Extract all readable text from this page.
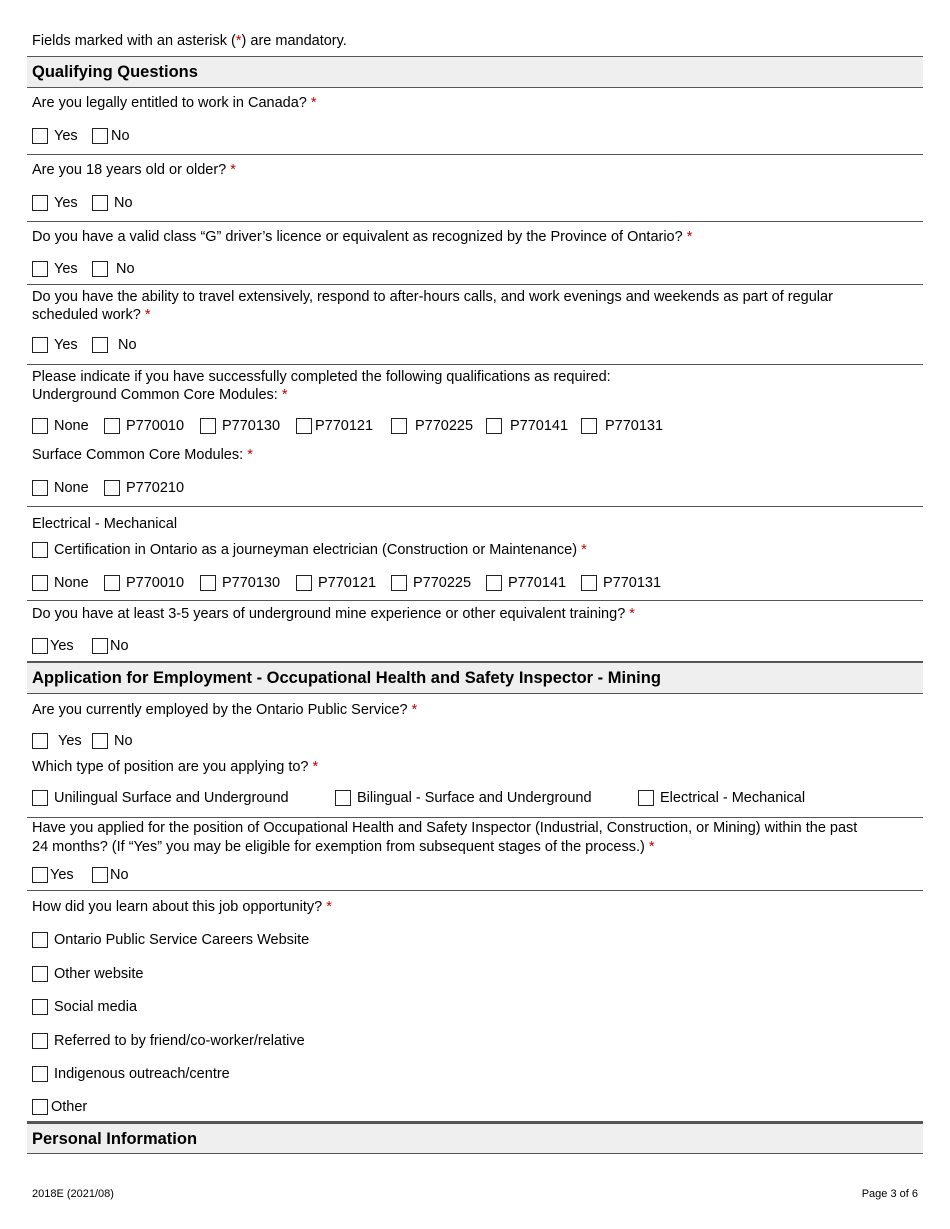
Fields marked with an asterisk (*) are mandatory.
Qualifying Questions
Are you legally entitled to work in Canada? *
Yes	No
Are you 18 years old or older? *
Yes	No
Do you have a valid class “G” driver’s licence or equivalent as recognized by the Province of Ontario? *
Yes	No
Do you have the ability to travel extensively, respond to after-hours calls, and work evenings and weekends as part of regular
scheduled work? *
Yes	No
Please indicate if you have successfully completed the following qualifications as required:
Underground Common Core Modules: *
None	P770010	P770130	P770121	P770225	P770141	P770131
Surface Common Core Modules: *
None	P770210
Electrical - Mechanical
Certification in Ontario as a journeyman electrician (Construction or Maintenance) *
None	P770010	P770130	P770121	P770225	P770141	P770131
Do you have at least 3-5 years of underground mine experience or other equivalent training? *
Yes	No
Application for Employment - Occupational Health and Safety Inspector - Mining
Are you currently employed by the Ontario Public Service? *
Yes	No
Which type of position are you applying to? *
Unilingual Surface and Underground	Bilingual - Surface and Underground	Electrical - Mechanical
Have you applied for the position of Occupational Health and Safety Inspector (Industrial, Construction, or Mining) within the past
24 months? (If “Yes” you may be eligible for exemption from subsequent stages of the process.) *
Yes	No
How did you learn about this job opportunity? *
Ontario Public Service Careers Website
Other website
Social media
Referred to by friend/co-worker/relative
Indigenous outreach/centre
Other
Personal Information
2018E (2021/08)	Page 3 of 6
